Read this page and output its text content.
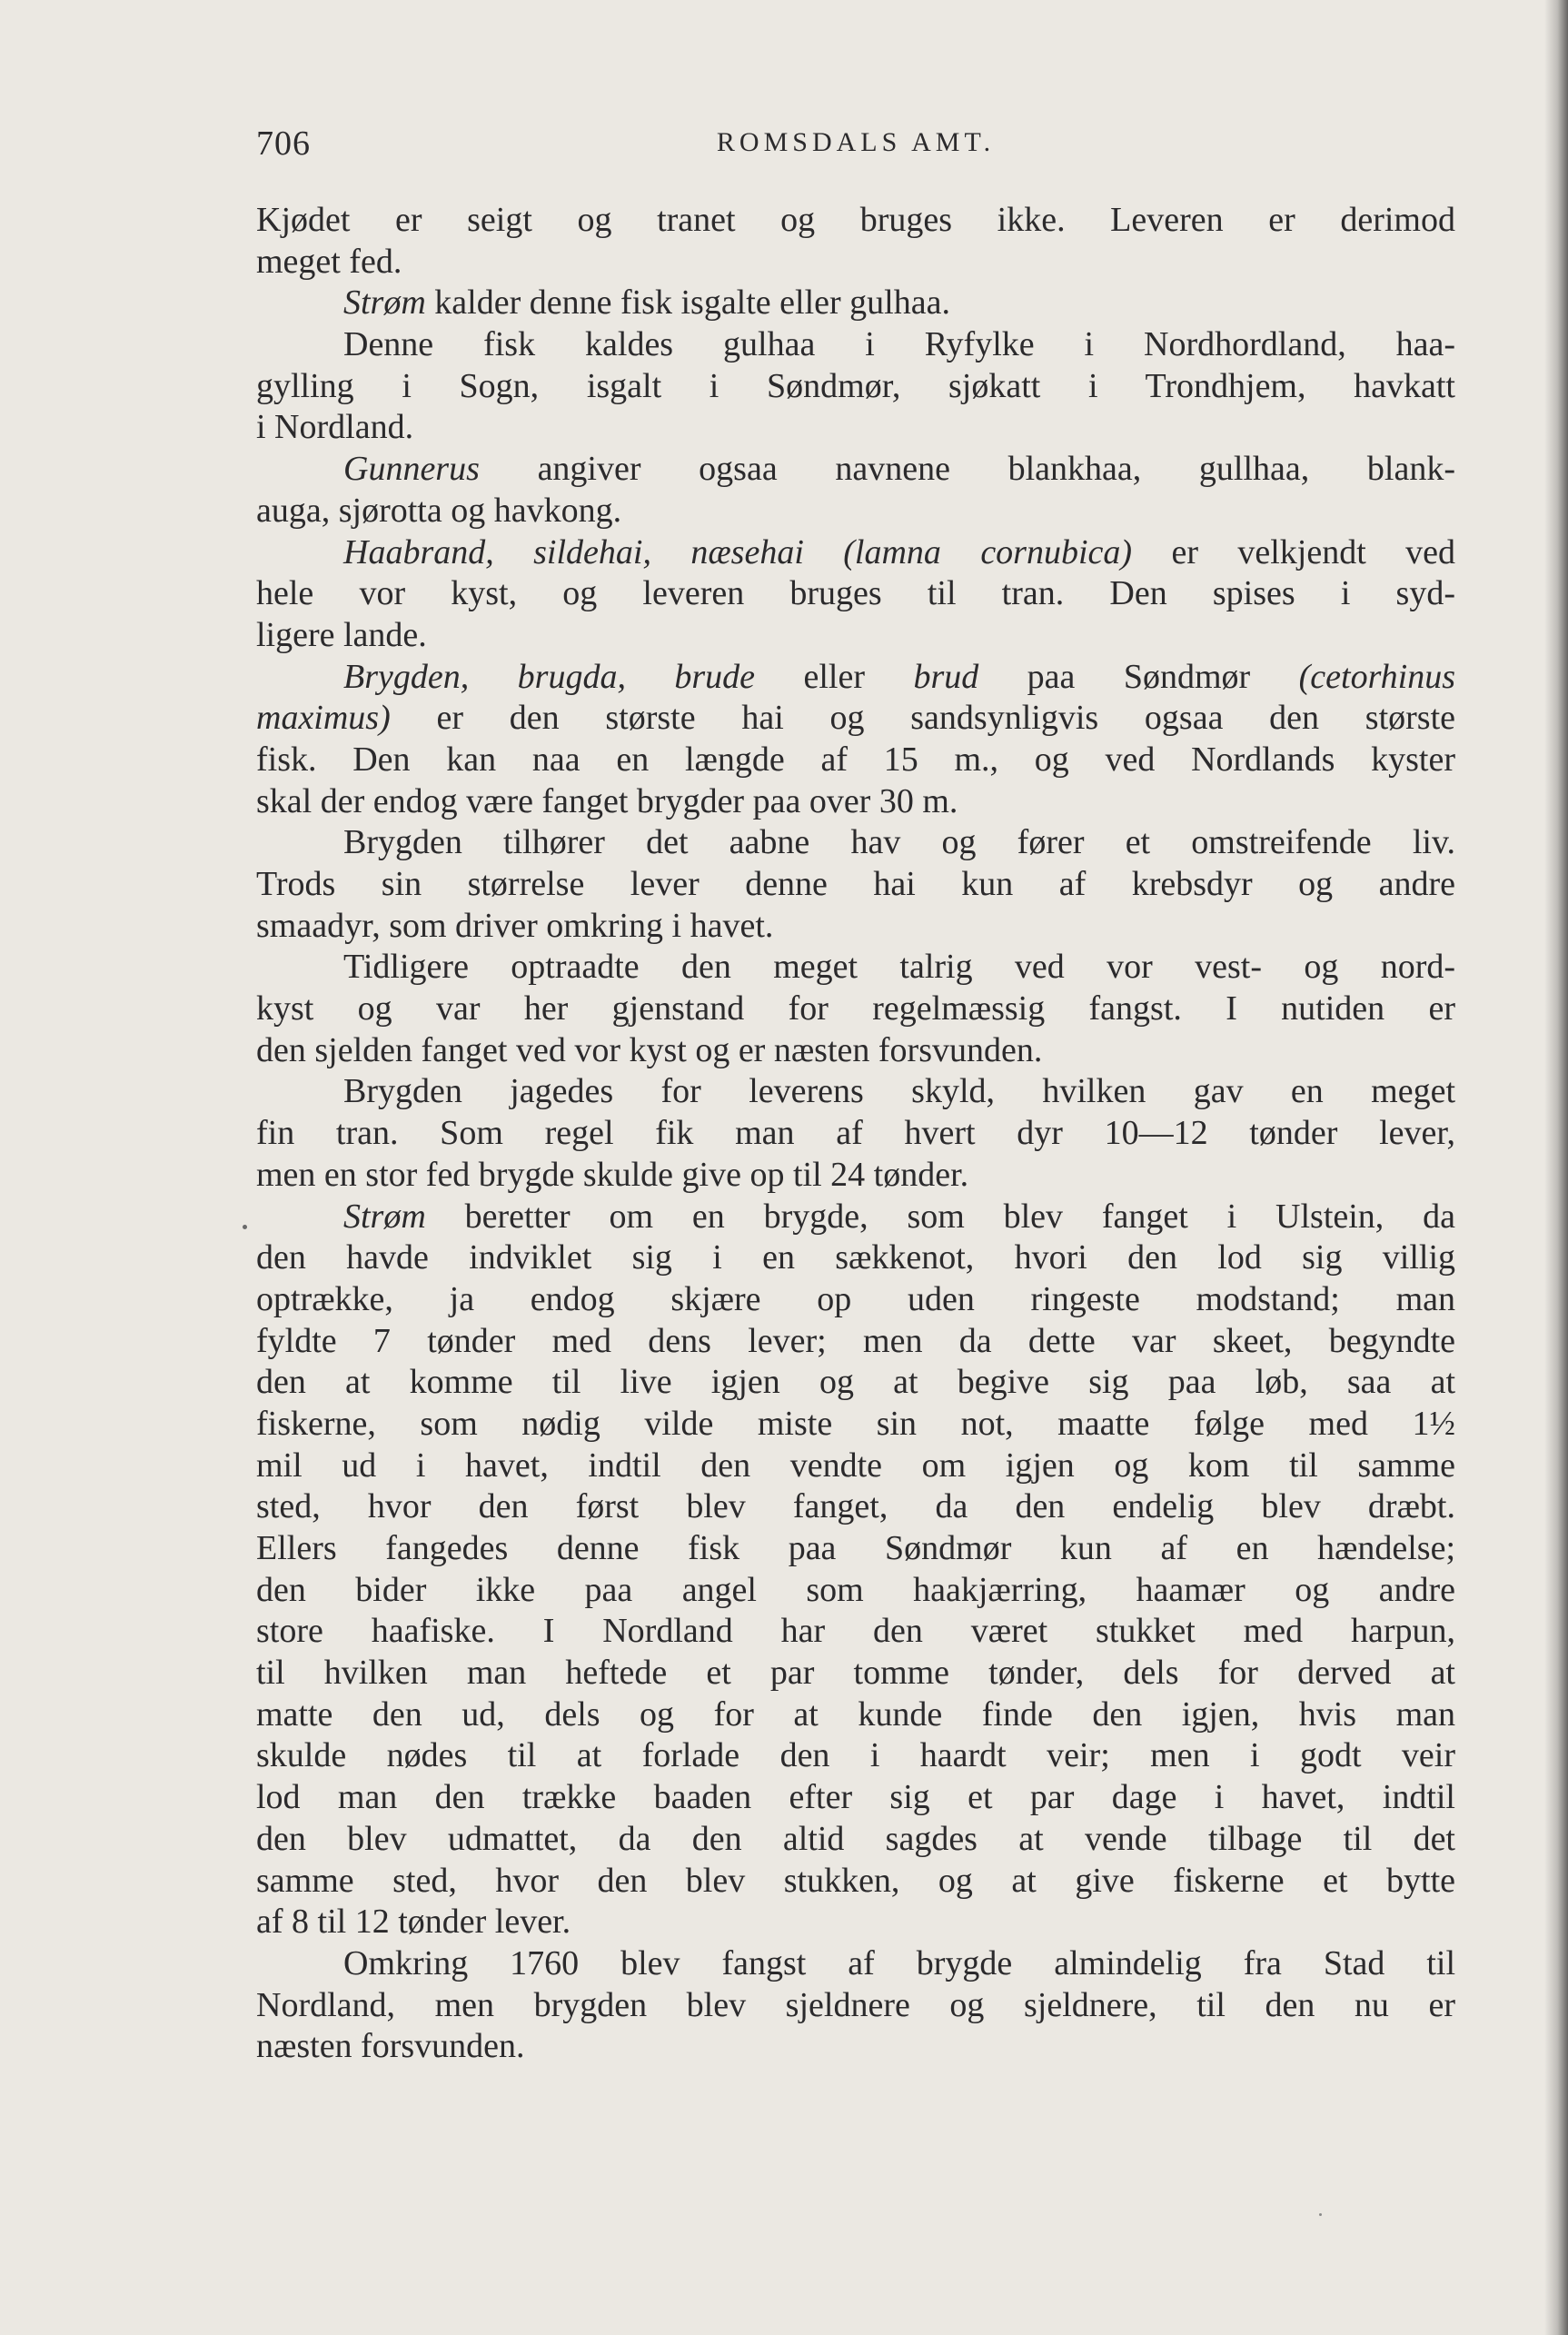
706	ROMSDALS AMT.
Kjødet er seigt og tranet og bruges ikke. Leveren er derimod
meget fed.
Strøm kalder denne fisk isgalte eller gulhaa.
Denne fisk kaldes gulhaa i Ryfylke i Nordhordland, haa-
gylling i Sogn, isgalt i Søndmør, sjøkatt i Trondhjem, havkatt
i Nordland.
Gunnerus angiver ogsaa navnene blankhaa, gullhaa, blank-
auga, sjørotta og havkong.
Haabrand, sildehai, næsehai (lamna cornubica) er velkjendt ved
hele vor kyst, og leveren bruges til tran. Den spises i syd-
ligere lande.
Brygden, brugda, brude eller brud paa Søndmør (cetorhinus
maximus) er den største hai og sandsynligvis ogsaa den største
fisk. Den kan naa en længde af 15 m., og ved Nordlands kyster
skal der endog være fanget brygder paa over 30 m.
Brygden tilhører det aabne hav og fører et omstreifende liv.
Trods sin størrelse lever denne hai kun af krebsdyr og andre
smaadyr, som driver omkring i havet.
Tidligere optraadte den meget talrig ved vor vest- og nord-
kyst og var her gjenstand for regelmæssig fangst. I nutiden er
den sjelden fanget ved vor kyst og er næsten forsvunden.
Brygden jagedes for leverens skyld, hvilken gav en meget
fin tran. Som regel fik man af hvert dyr 10—12 tønder lever,
men en stor fed brygde skulde give op til 24 tønder.
Strøm beretter om en brygde, som blev fanget i Ulstein, da
den havde indviklet sig i en sækkenot, hvori den lod sig villig
optrække, ja endog skjære op uden ringeste modstand; man
fyldte 7 tønder med dens lever; men da dette var skeet, begyndte
den at komme til live igjen og at begive sig paa løb, saa at
fiskerne, som nødig vilde miste sin not, maatte følge med 1½
mil ud i havet, indtil den vendte om igjen og kom til samme
sted, hvor den først blev fanget, da den endelig blev dræbt.
Ellers fangedes denne fisk paa Søndmør kun af en hændelse;
den bider ikke paa angel som haakjærring, haamær og andre
store haafiske. I Nordland har den været stukket med harpun,
til hvilken man heftede et par tomme tønder, dels for derved at
matte den ud, dels og for at kunde finde den igjen, hvis man
skulde nødes til at forlade den i haardt veir; men i godt veir
lod man den trække baaden efter sig et par dage i havet, indtil
den blev udmattet, da den altid sagdes at vende tilbage til det
samme sted, hvor den blev stukken, og at give fiskerne et bytte
af 8 til 12 tønder lever.
Omkring 1760 blev fangst af brygde almindelig fra Stad til
Nordland, men brygden blev sjeldnere og sjeldnere, til den nu er
næsten forsvunden.
